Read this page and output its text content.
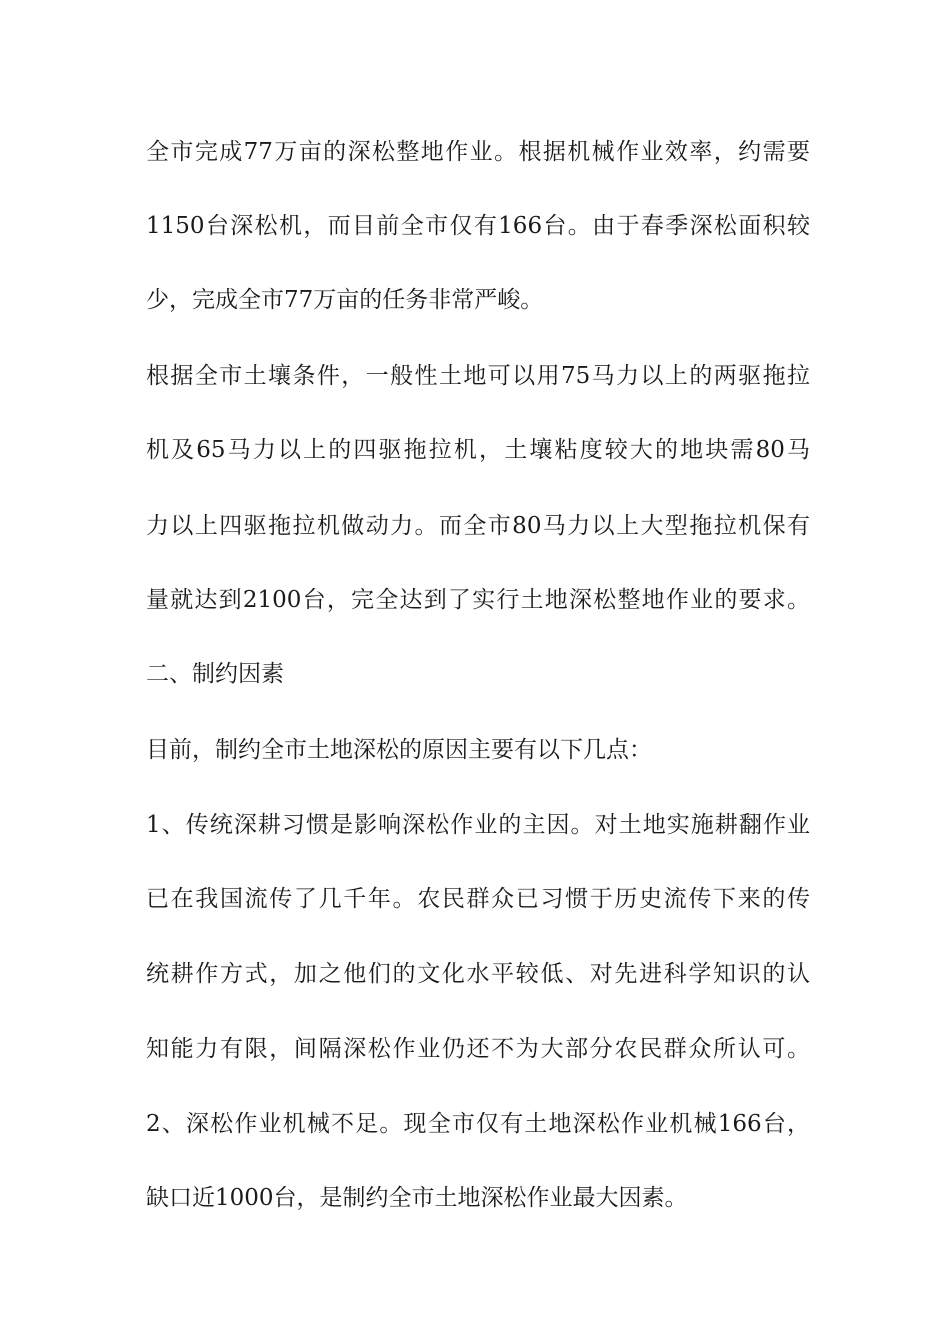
全市完成77万亩的深松整地作业。根据机械作业效率，约需要
1150台深松机，而目前全市仅有166台。由于春季深松面积较
少，完成全市77万亩的任务非常严峻。
根据全市土壤条件，一般性土地可以用75马力以上的两驱拖拉
机及65马力以上的四驱拖拉机，土壤粘度较大的地块需80马
力以上四驱拖拉机做动力。而全市80马力以上大型拖拉机保有
量就达到2100台，完全达到了实行土地深松整地作业的要求。
二、制约因素
目前，制约全市土地深松的原因主要有以下几点：
1、传统深耕习惯是影响深松作业的主因。对土地实施耕翻作业
已在我国流传了几千年。农民群众已习惯于历史流传下来的传
统耕作方式，加之他们的文化水平较低、对先进科学知识的认
知能力有限，间隔深松作业仍还不为大部分农民群众所认可。
2、深松作业机械不足。现全市仅有土地深松作业机械166台，
缺口近1000台，是制约全市土地深松作业最大因素。
